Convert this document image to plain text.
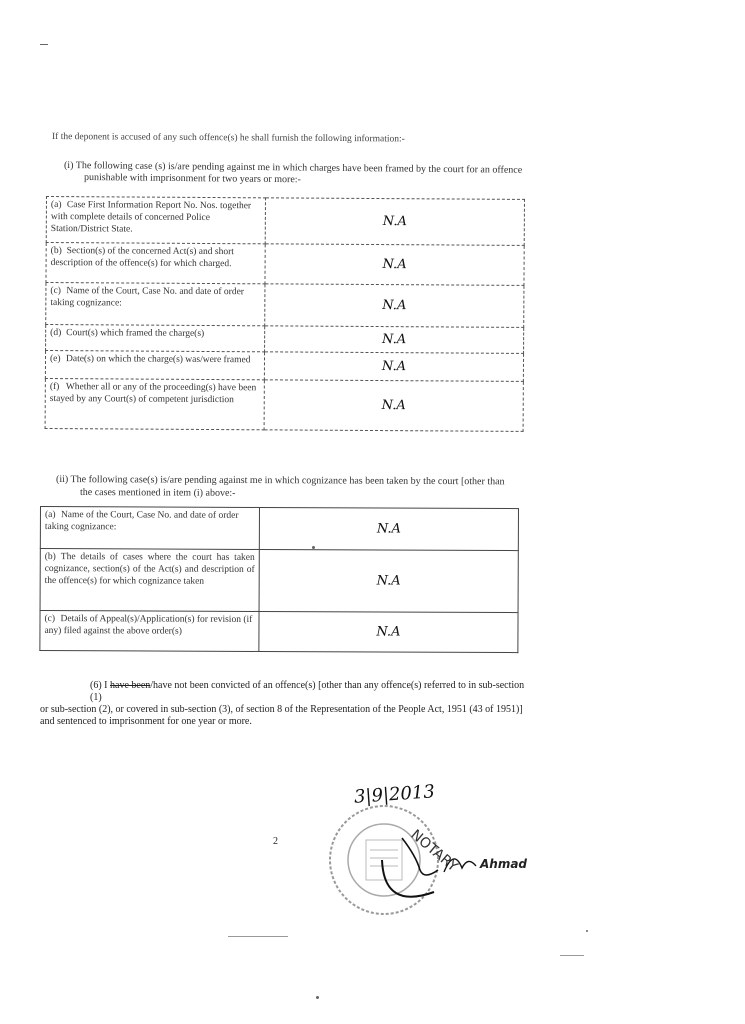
If the deponent is accused of any such offence(s) he shall furnish the following information:-
(i) The following case (s) is/are pending against me in which charges have been framed by the court for an offence
punishable with imprisonment for two years or more:-
(a) Case First Information Report No. Nos. together with complete details of concerned Police Station/District State.	N.A
(b) Section(s) of the concerned Act(s) and short description of the offence(s) for which charged.	N.A
(c) Name of the Court, Case No. and date of order taking cognizance:	N.A
(d) Court(s) which framed the charge(s)	N.A
(e) Date(s) on which the charge(s) was/were framed	N.A
(f) Whether all or any of the proceeding(s) have been stayed by any Court(s) of competent jurisdiction	N.A
(ii) The following case(s) is/are pending against me in which cognizance has been taken by the court [other than
the cases mentioned in item (i) above:-
(a) Name of the Court, Case No. and date of order taking cognizance:	N.A
(b) The details of cases where the court has taken cognizance, section(s) of the Act(s) and description of the offence(s) for which cognizance taken	N.A
(c) Details of Appeal(s)/Application(s) for revision (if any) filed against the above order(s)	N.A
(6) I have been/have not been convicted of an offence(s) [other than any offence(s) referred to in sub-section (1)
or sub-section (2), or covered in sub-section (3), of section 8 of the Representation of the People Act, 1951 (43 of 1951)]
and sentenced to imprisonment for one year or more.
2
3|9|2013
NOTARY Ahmad
